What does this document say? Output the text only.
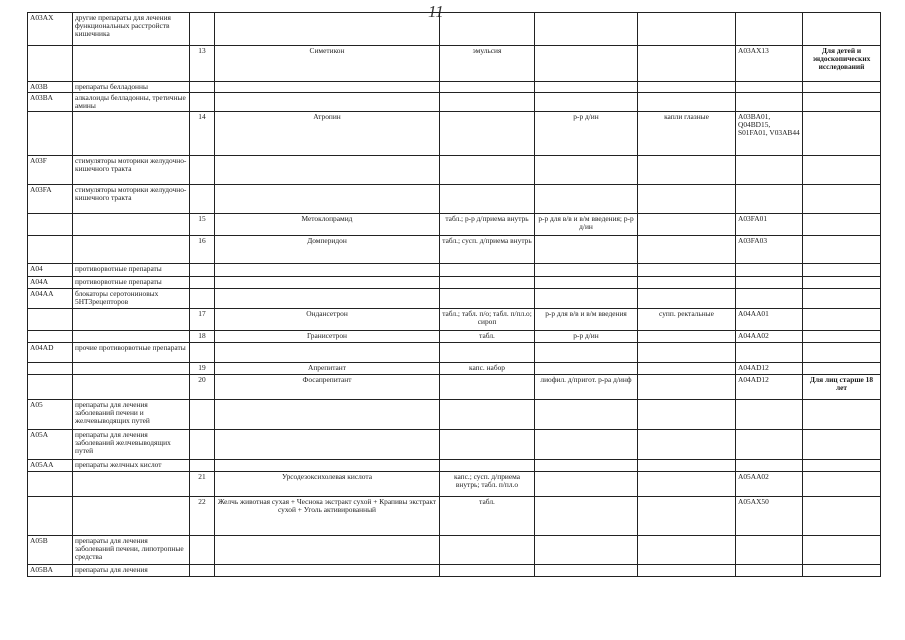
11
A03AX	другие препараты для лечения функциональных расстройств кишечника							
		13	Симетикон	эмульсия			A03AX13	Для детей и эндоскопических исследований
A03B	препараты белладонны							
A03BA	алкалоиды белладонны, третичные амины							
		14	Атропин		р-р д/ин	капли глазные	A03BA01, Q04BD15, S01FA01, V03AB44	
A03F	стимуляторы моторики желудочно-кишечного тракта							
A03FA	стимуляторы моторики желудочно-кишечного тракта							
		15	Метоклопрамид	табл.; р-р д/приема внутрь	р-р для в/в и в/м введения; р-р д/ин		A03FA01	
		16	Домперидон	табл.; сусп. д/приема внутрь			A03FA03	
A04	противорвотные препараты							
A04A	противорвотные препараты							
A04AA	блокаторы серотониновых 5HT3рецепторов							
		17	Ондансетрон	табл.; табл. п/о; табл. п/пл.о; сироп	р-р для в/в и в/м введения	супп. ректальные	A04AA01	
		18	Гранисетрон	табл.	р-р д/ин		A04AA02	
A04AD	прочие противорвотные препараты							
		19	Апрепитант	капс. набор			A04AD12	
		20	Фосапрепитант		лиофил. д/пригот. р-ра д/инф		A04AD12	Для лиц старше 18 лет
A05	препараты для лечения заболеваний печени и желчевыводящих путей							
A05A	препараты для лечения заболеваний желчевыводящих путей							
A05AA	препараты желчных кислот							
		21	Урсодезоксихолевая кислота	капс.; сусп. д/приема внутрь; табл. п/пл.о			A05AA02	
		22	Желчь животная сухая + Чеснока экстракт сухой + Крапивы экстракт сухой + Уголь активированный	табл.			A05AX50	
A05B	препараты для лечения заболеваний печени, липотропные средства							
A05BA	препараты для лечения							
